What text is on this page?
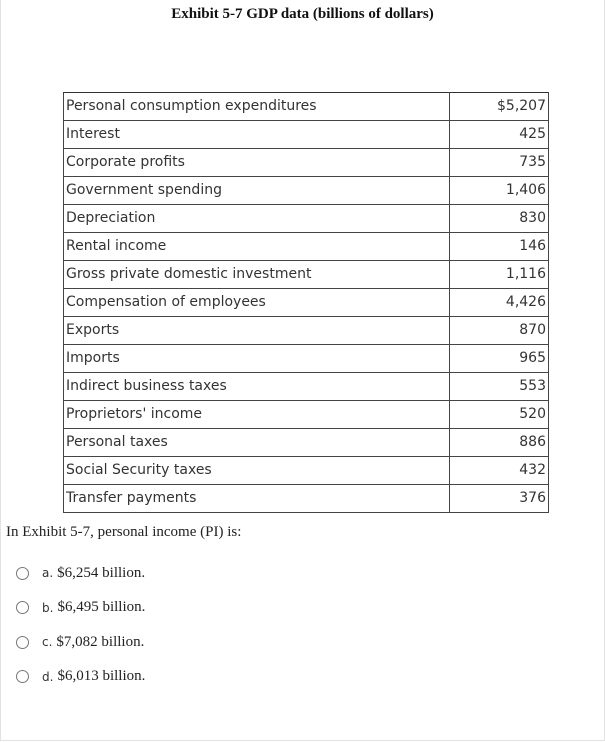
Exhibit 5-7 GDP data (billions of dollars)
Personal consumption expenditures	$5,207
Interest	425
Corporate profits	735
Government spending	1,406
Depreciation	830
Rental income	146
Gross private domestic investment	1,116
Compensation of employees	4,426
Exports	870
Imports	965
Indirect business taxes	553
Proprietors' income	520
Personal taxes	886
Social Security taxes	432
Transfer payments	376
In Exhibit 5-7, personal income (PI) is:
a. $6,254 billion.
b. $6,495 billion.
c. $7,082 billion.
d. $6,013 billion.
